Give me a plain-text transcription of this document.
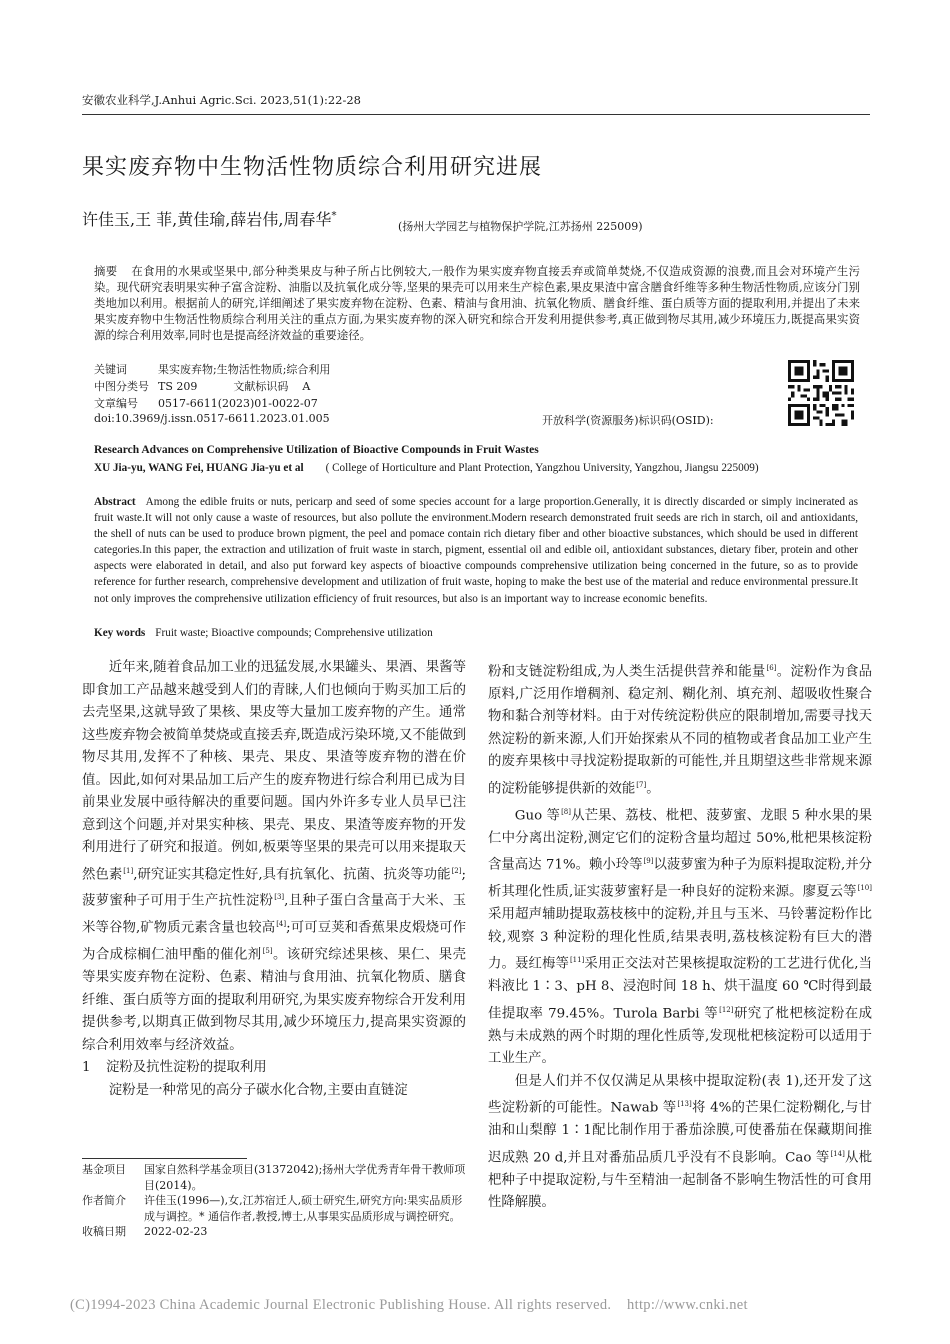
安徽农业科学,J.Anhui Agric.Sci. 2023,51(1):22-28
果实废弃物中生物活性物质综合利用研究进展
许佳玉,王 菲,黄佳瑜,薛岩伟,周春华*
(扬州大学园艺与植物保护学院,江苏扬州 225009)
摘要 在食用的水果或坚果中,部分种类果皮与种子所占比例较大,一般作为果实废弃物直接丢弃或简单焚烧,不仅造成资源的浪费,而且会对环境产生污染。现代研究表明果实种子富含淀粉、油脂以及抗氧化成分等,坚果的果壳可以用来生产棕色素,果皮果渣中富含膳食纤维等多种生物活性物质,应该分门别类地加以利用。根据前人的研究,详细阐述了果实废弃物在淀粉、色素、精油与食用油、抗氧化物质、膳食纤维、蛋白质等方面的提取利用,并提出了未来果实废弃物中生物活性物质综合利用关注的重点方面,为果实废弃物的深入研究和综合开发利用提供参考,真正做到物尽其用,减少环境压力,既提高果实资源的综合利用效率,同时也是提高经济效益的重要途径。
关键词	果实废弃物;生物活性物质;综合利用
中图分类号 TS 209	文献标识码 A
文章编号 0517-6611(2023)01-0022-07
doi:10.3969/j.issn.0517-6611.2023.01.005	开放科学(资源服务)标识码(OSID):
Research Advances on Comprehensive Utilization of Bioactive Compounds in Fruit Wastes
XU Jia-yu, WANG Fei, HUANG Jia-yu et al ( College of Horticulture and Plant Protection, Yangzhou University, Yangzhou, Jiangsu 225009)
Abstract Among the edible fruits or nuts, pericarp and seed of some species account for a large proportion.Generally, it is directly discarded or simply incinerated as fruit waste.It will not only cause a waste of resources, but also pollute the environment.Modern research demonstrated fruit seeds are rich in starch, oil and antioxidants, the shell of nuts can be used to produce brown pigment, the peel and pomace contain rich dietary fiber and other bioactive substances, which should be used in different categories.In this paper, the extraction and utilization of fruit waste in starch, pigment, essential oil and edible oil, antioxidant substances, dietary fiber, protein and other aspects were elaborated in detail, and also put forward key aspects of bioactive compounds comprehensive utilization being concerned in the future, so as to provide reference for further research, comprehensive development and utilization of fruit waste, hoping to make the best use of the material and reduce environmental pressure.It not only improves the comprehensive utilization efficiency of fruit resources, but also is an important way to increase economic benefits.
Key words Fruit waste; Bioactive compounds; Comprehensive utilization

近年来,随着食品加工业的迅猛发展,水果罐头、果酒、果酱等即食加工产品越来越受到人们的青睐,人们也倾向于购买加工后的去壳坚果,这就导致了果核、果皮等大量加工废弃物的产生。通常这些废弃物会被简单焚烧或直接丢弃,既造成污染环境,又不能做到物尽其用,发挥不了种核、果壳、果皮、果渣等废弃物的潜在价值。因此,如何对果品加工后产生的废弃物进行综合利用已成为目前果业发展中亟待解决的重要问题。国内外许多专业人员早已注意到这个问题,并对果实种核、果壳、果皮、果渣等废弃物的开发利用进行了研究和报道。例如,板栗等坚果的果壳可以用来提取天然色素[1],研究证实其稳定性好,具有抗氧化、抗菌、抗炎等功能[2];菠萝蜜种子可用于生产抗性淀粉[3],且种子蛋白含量高于大米、玉米等谷物,矿物质元素含量也较高[4];可可豆荚和香蕉果皮煅烧可作为合成棕榈仁油甲酯的催化剂[5]。该研究综述果核、果仁、果壳等果实废弃物在淀粉、色素、精油与食用油、抗氧化物质、膳食纤维、蛋白质等方面的提取利用研究,为果实废弃物综合开发利用提供参考,以期真正做到物尽其用,减少环境压力,提高果实资源的综合利用效率与经济效益。

1 淀粉及抗性淀粉的提取利用

淀粉是一种常见的高分子碳水化合物,主要由直链淀

粉和支链淀粉组成,为人类生活提供营养和能量[6]。淀粉作为食品原料,广泛用作增稠剂、稳定剂、糊化剂、填充剂、超吸收性聚合物和黏合剂等材料。由于对传统淀粉供应的限制增加,需要寻找天然淀粉的新来源,人们开始探索从不同的植物或者食品加工业产生的废弃果核中寻找淀粉提取新的可能性,并且期望这些非常规来源的淀粉能够提供新的效能[7]。

Guo 等[8]从芒果、荔枝、枇杷、菠萝蜜、龙眼 5 种水果的果仁中分离出淀粉,测定它们的淀粉含量均超过 50%,枇杷果核淀粉含量高达 71%。赖小玲等[9]以菠萝蜜为种子为原料提取淀粉,并分析其理化性质,证实菠萝蜜籽是一种良好的淀粉来源。廖夏云等[10]采用超声辅助提取荔枝核中的淀粉,并且与玉米、马铃薯淀粉作比较,观察 3 种淀粉的理化性质,结果表明,荔枝核淀粉有巨大的潜力。聂红梅等[11]采用正交法对芒果核提取淀粉的工艺进行优化,当料液比 1∶3、pH 8、浸泡时间 18 h、烘干温度 60 ℃时得到最佳提取率 79.45%。Turola Barbi 等[12]研究了枇杷核淀粉在成熟与未成熟的两个时期的理化性质等,发现枇杷核淀粉可以适用于工业生产。

但是人们并不仅仅满足从果核中提取淀粉(表 1),还开发了这些淀粉新的可能性。Nawab 等[13]将 4%的芒果仁淀粉糊化,与甘油和山梨醇 1∶1配比制作用于番茄涂膜,可使番茄在保藏期间推迟成熟 20 d,并且对番茄品质几乎没有不良影响。Cao 等[14]从枇杷种子中提取淀粉,与牛至精油一起制备不影响生物活性的可食用性降解膜。

基金项目	国家自然科学基金项目(31372042);扬州大学优秀青年骨干教师项目(2014)。
作者简介	许佳玉(1996—),女,江苏宿迁人,硕士研究生,研究方向:果实品质形成与调控。* 通信作者,教授,博士,从事果实品质形成与调控研究。
收稿日期	2022-02-23
(C)1994-2023 China Academic Journal Electronic Publishing House. All rights reserved.    http://www.cnki.net
